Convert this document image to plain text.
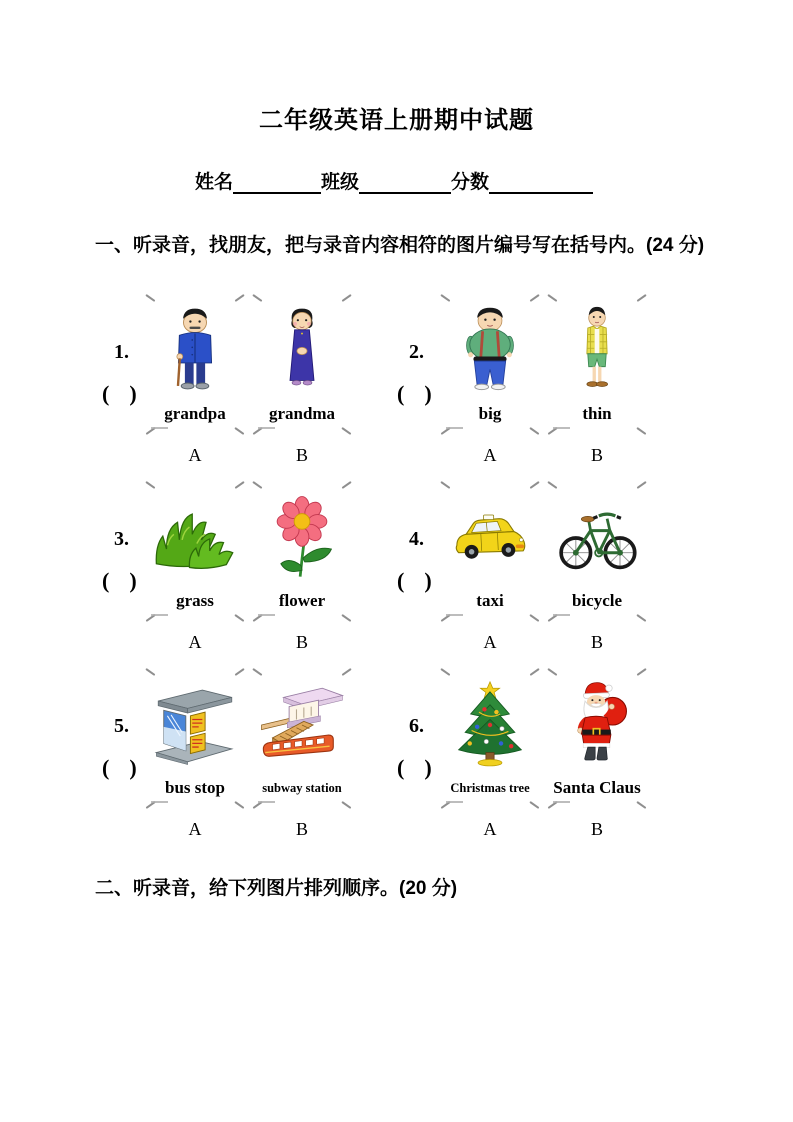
二年级英语上册期中试题
姓名	班级	分数
一、听录音，找朋友，把与录音内容相符的图片编号写在括号内。(24 分)
1.
(  )
grandpa
A
grandma
B
2.
(  )
big
A
thin
B
3.
(  )
grass
A
flower
B
4.
(  )
taxi
A
bicycle
B
5.
(  )
bus stop
A
subway station
B
6.
(  )
Christmas tree
A
Santa Claus
B
二、听录音，给下列图片排列顺序。(20 分)
